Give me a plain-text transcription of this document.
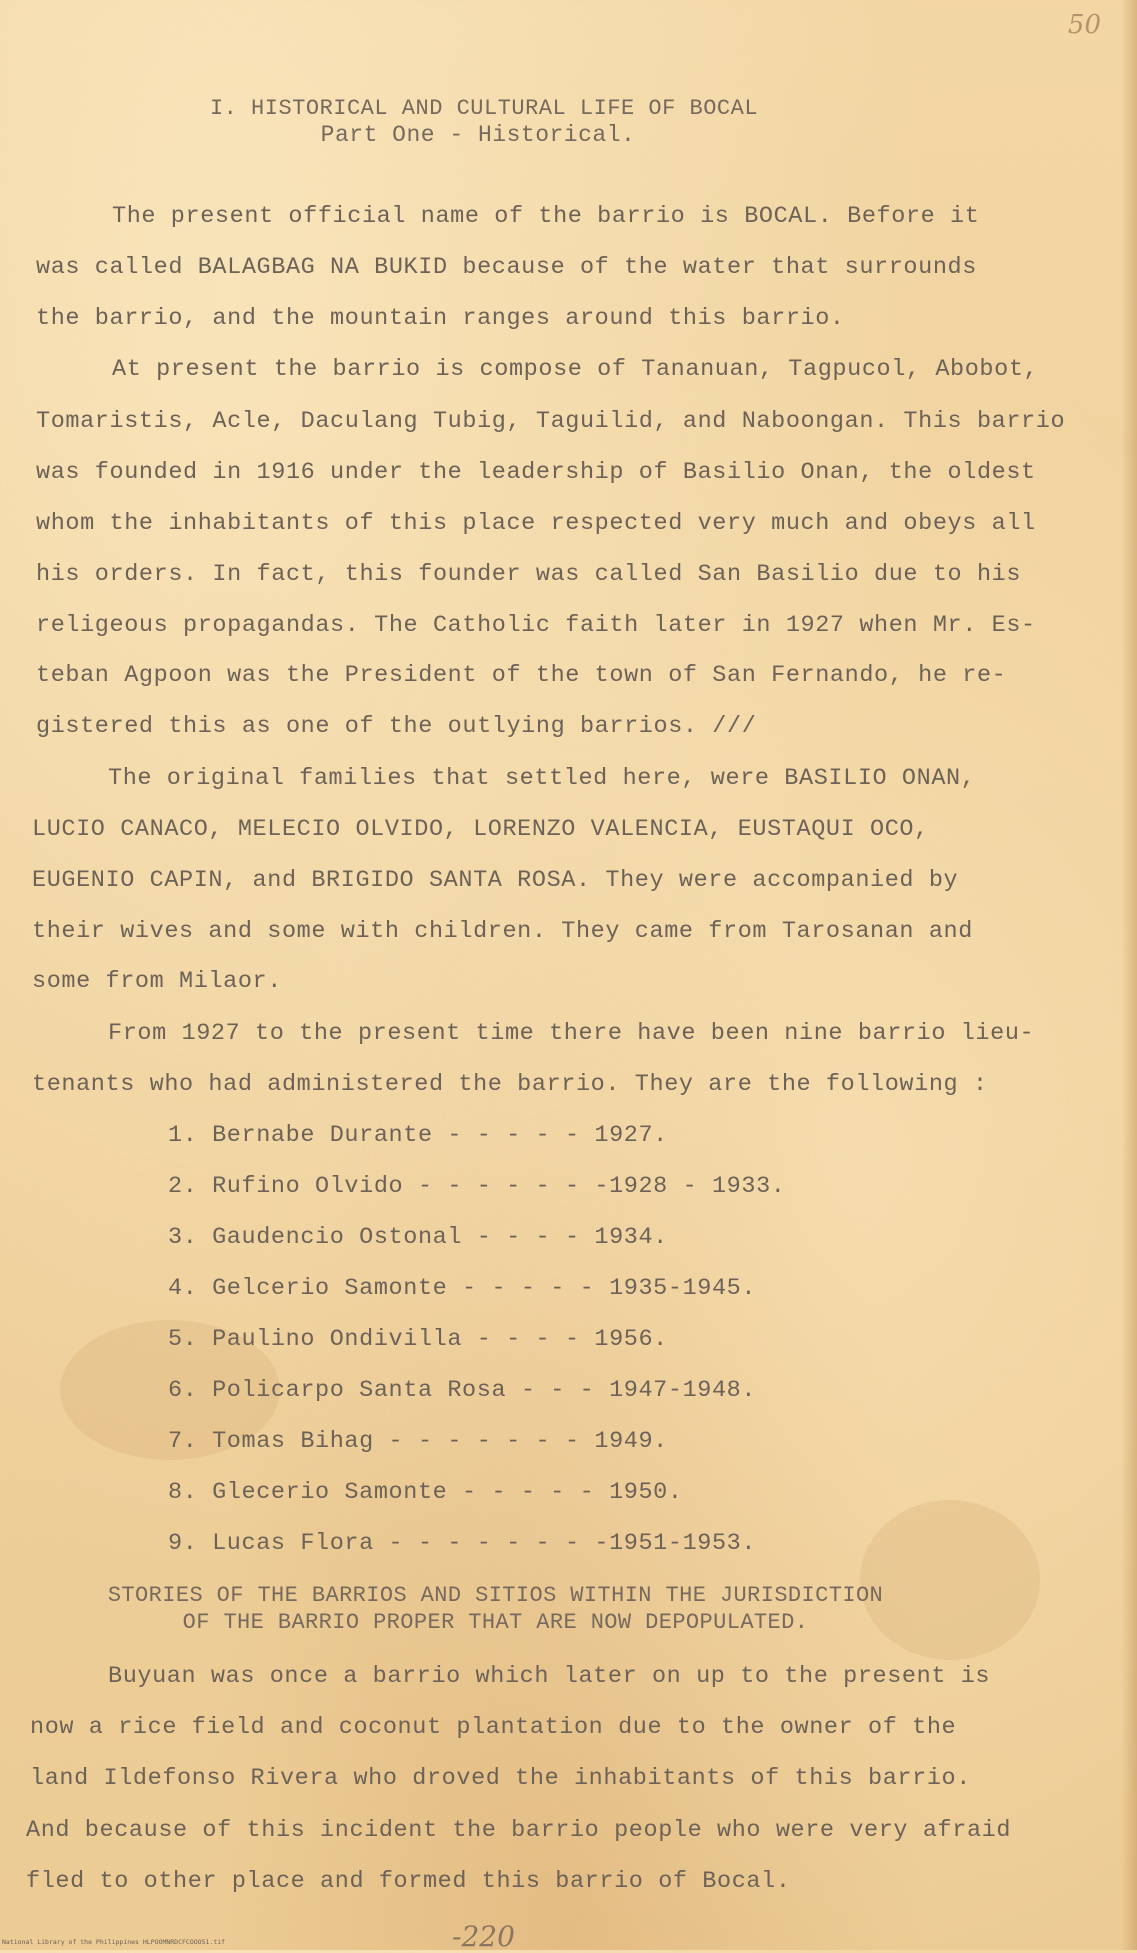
50
I. HISTORICAL AND CULTURAL LIFE OF BOCAL
Part One - Historical.
The present official name of the barrio is BOCAL. Before it
was called BALAGBAG NA BUKID because of the water that surrounds
the barrio, and the mountain ranges around this barrio.
At present the barrio is compose of Tananuan, Tagpucol, Abobot,
Tomaristis, Acle, Daculang Tubig, Taguilid, and Naboongan. This barrio
was founded in 1916 under the leadership of Basilio Onan, the oldest
whom the inhabitants of this place respected very much and obeys all
his orders. In fact, this founder was called San Basilio due to his
religeous propagandas. The Catholic faith later in 1927 when Mr. Es-
teban Agpoon was the President of the town of San Fernando, he re-
gistered this as one of the outlying barrios. ///
The original families that settled here, were BASILIO ONAN,
LUCIO CANACO, MELECIO OLVIDO, LORENZO VALENCIA, EUSTAQUI OCO,
EUGENIO CAPIN, and BRIGIDO SANTA ROSA. They were accompanied by
their wives and some with children. They came from Tarosanan and
some from Milaor.
From 1927 to the present time there have been nine barrio lieu-
tenants who had administered the barrio. They are the following :
1. Bernabe Durante - - - - - 1927.
2. Rufino Olvido - - - - - - -1928 - 1933.
3. Gaudencio Ostonal - - - - 1934.
4. Gelcerio Samonte - - - - - 1935-1945.
5. Paulino Ondivilla - - - - 1956.
6. Policarpo Santa Rosa - - - 1947-1948.
7. Tomas Bihag - - - - - - - 1949.
8. Glecerio Samonte - - - - - 1950.
9. Lucas Flora - - - - - - - -1951-1953.
STORIES OF THE BARRIOS AND SITIOS WITHIN THE JURISDICTION
OF THE BARRIO PROPER THAT ARE NOW DEPOPULATED.
Buyuan was once a barrio which later on up to the present is
now a rice field and coconut plantation due to the owner of the
land Ildefonso Rivera who droved the inhabitants of this barrio.
And because of this incident the barrio people who were very afraid
fled to other place and formed this barrio of Bocal.
National Library of the Philippines HLPOOMNRDCFCOOO51.tif	-220
